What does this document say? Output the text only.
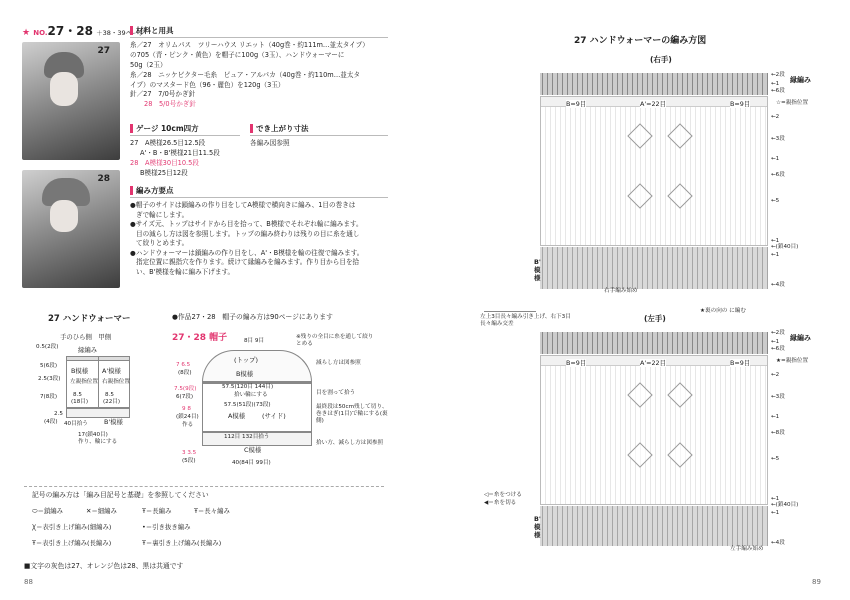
★ NO.27・28 ＋38・39ページ
27
28
材料と用具
糸／27　オリムパス　ツリーハウス リエット（40g巻・約111m…並太タイプ）
の705（青・ピンク・黄色）を帽子に100g（3玉）、ハンドウォーマーに
50g（2玉）
糸／28　ニッケビクター毛糸　ピュア・アルパカ（40g巻・約110m…並太タ
イプ）のマスタード色（96・麗色）を120g（3玉）
針／27　7/0号かぎ針
28　5/0号かぎ針
ゲージ 10cm四方
27　A模様26.5目12.5段
A'・B・B'模様21目11.5段
28　A模様30目10.5段
B模様25目12段
でき上がり寸法
各編み図参照
編み方要点
●帽子のサイドは鎖編みの作り目をしてA模様で横向きに編み、1目の巻きは
ぎで輪にします。
●サイズ元、トップはサイドから目を拾って、B模様でそれぞれ輪に編みます。
目の減らし方は図を参照します。トップの編み終わりは残りの目に糸を通し
て絞りとめます。
●ハンドウォーマーは鎖編みの作り目をし、A'・B模様を輪の往復で編みます。
指定位置に親指穴を作ります。続けて縁編みを編みます。作り目から目を拾
い、B'模様を輪に編み下げます。
27 ハンドウォーマー
手のひら側　甲側
B模様 A'模様
左親指位置 右親指位置
8.5
(18目)
8.5
(22目)
縁編み
B'模様
0.5(2段)
5(6段)
2.5(3段)
7(8段)
2.5
(4段) 40目拾う
17(鎖40目)
作り、輪にする
●作品27・28　帽子の編み方は90ページにあります
27・28 帽子
(トップ)
B模様
A模様	(サイド)
C模様
8目 9目
57.5(120目 144目)
拾い輪にする
57.5(51段)(73段)
7 6.5
(8段)
7.5(9段)
6(7段)
9 8
(鎖24目)
作る
112目 132目拾う
3 3.5
(5段)	40(84目 99目)
※残りの全目に糸を通して絞りとめる
減らし方は図参照
目を割って拾う
最終段は50cm残して切り、巻きはぎ(1目)で輪にする(裏側)
拾い方、減らし方は図参照
記号の編み方は「編み目記号と基礎」を参照してください
⬭＝鎖編み	✕＝細編み	Ŧ＝長編み	Ŧ＝長々編み
Ꭓ＝表引き上げ編み(細編み)	•＝引き抜き編み
Ŧ＝表引き上げ編み(長編み)	Ŧ＝裏引き上げ編み(長編み)
■文字の灰色は27、オレンジ色は28、黒は共通です
27 ハンドウォーマーの編み方図
(右手)
B=9目	A'=22目	B=9目
縁編み
☆=親指位置
B' 模様
右手編み始め
←2段
←1
←6段
←2
←3段
←1
←6段
←5
←1
←(鎖40目)
←1
←4段
左上3目長々編み引き上げ、右下3目長々編み交差
★裏の向の に編む
(左手)
B=9目	A'=22目	B=9目
縁編み
★=親指位置
B' 模様
左手編み始め
←2段
←1
←6段
←2
←3段
←1
←8段
←5
←1
←(鎖40目)
←1
←4段
◁＝糸をつける
◀＝糸を切る
88	89
